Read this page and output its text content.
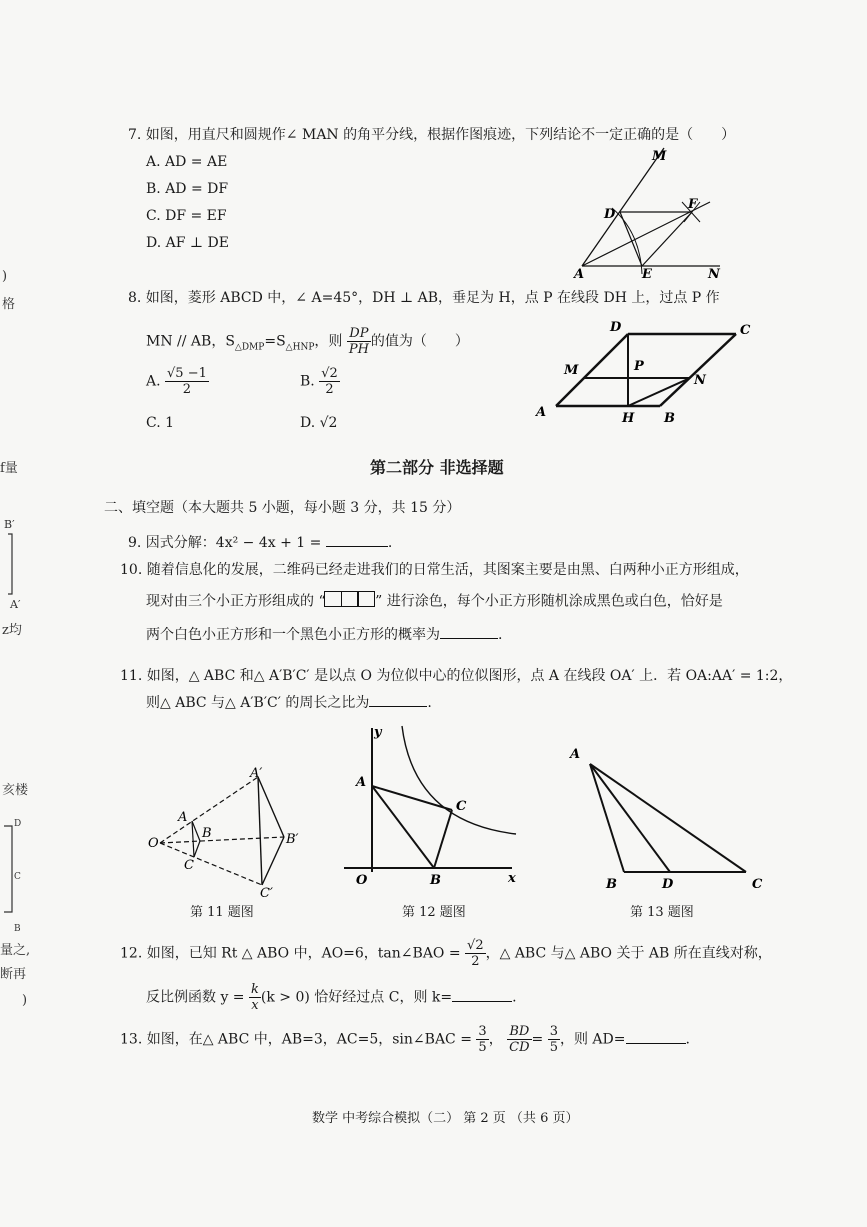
)
格
f量
B′
A′
z均
亥楼
D
C
B
量之,
断再
)
7. 如图，用直尺和圆规作∠ MAN 的角平分线，根据作图痕迹，下列结论不一定正确的是（　　）
A. AD = AE
B. AD = DF
C. DF = EF
D. AF ⊥ DE
M
D
F
A	E	N
8. 如图，菱形 ABCD 中，∠ A=45°，DH ⊥ AB，垂足为 H，点 P 在线段 DH 上，过点 P 作
MN // AB，$S_{\triangle DMP}=S_{\triangle HNP}$，则 $\frac{DP}{PH}$ 的值为（　　）
A. $\frac{√5 -1}{2}$	B. $\frac{√2}{2}$
C. 1	D. √2
D	C
M	P
N
A	H B
第二部分 非选择题
二、填空题（本大题共 5 小题，每小题 3 分，共 15 分）
9. 因式分解：4x² − 4x + 1 =	.
10. 随着信息化的发展，二维码已经走进我们的日常生活，其图案主要是由黑、白两种小正方形组成，
现对由三个小正方形组成的 “	” 进行涂色，每个小正方形随机涂成黑色或白色，恰好是
两个白色小正方形和一个黑色小正方形的概率为	.
11. 如图，△ ABC 和△ A′B′C′ 是以点 O 为位似中心的位似图形，点 A 在线段 OA′ 上．若 OA:AA′ = 1:2，
则△ ABC 与△ A′B′C′ 的周长之比为	.
A′
A
B
O
C
B′
C′
第 11 题图
y
A
C
O	B	x
第 12 题图
A
B	D	C
第 13 题图
12. 如图，已知 Rt △ ABO 中，AO=6，tan∠BAO = $\frac{√2}{2}$ ，△ ABC 与△ ABO 关于 AB 所在直线对称，
反比例函数 $y = \frac{k}{x} (k > 0)$ 恰好经过点 C，则 k=	.
13. 如图，在△ ABC 中，AB=3，AC=5，sin∠BAC = $\frac{3}{5}$ ， $\frac{BD}{CD} = \frac{3}{5}$ ，则 AD=	.
数学 中考综合模拟（二） 第 2 页 （共 6 页）
